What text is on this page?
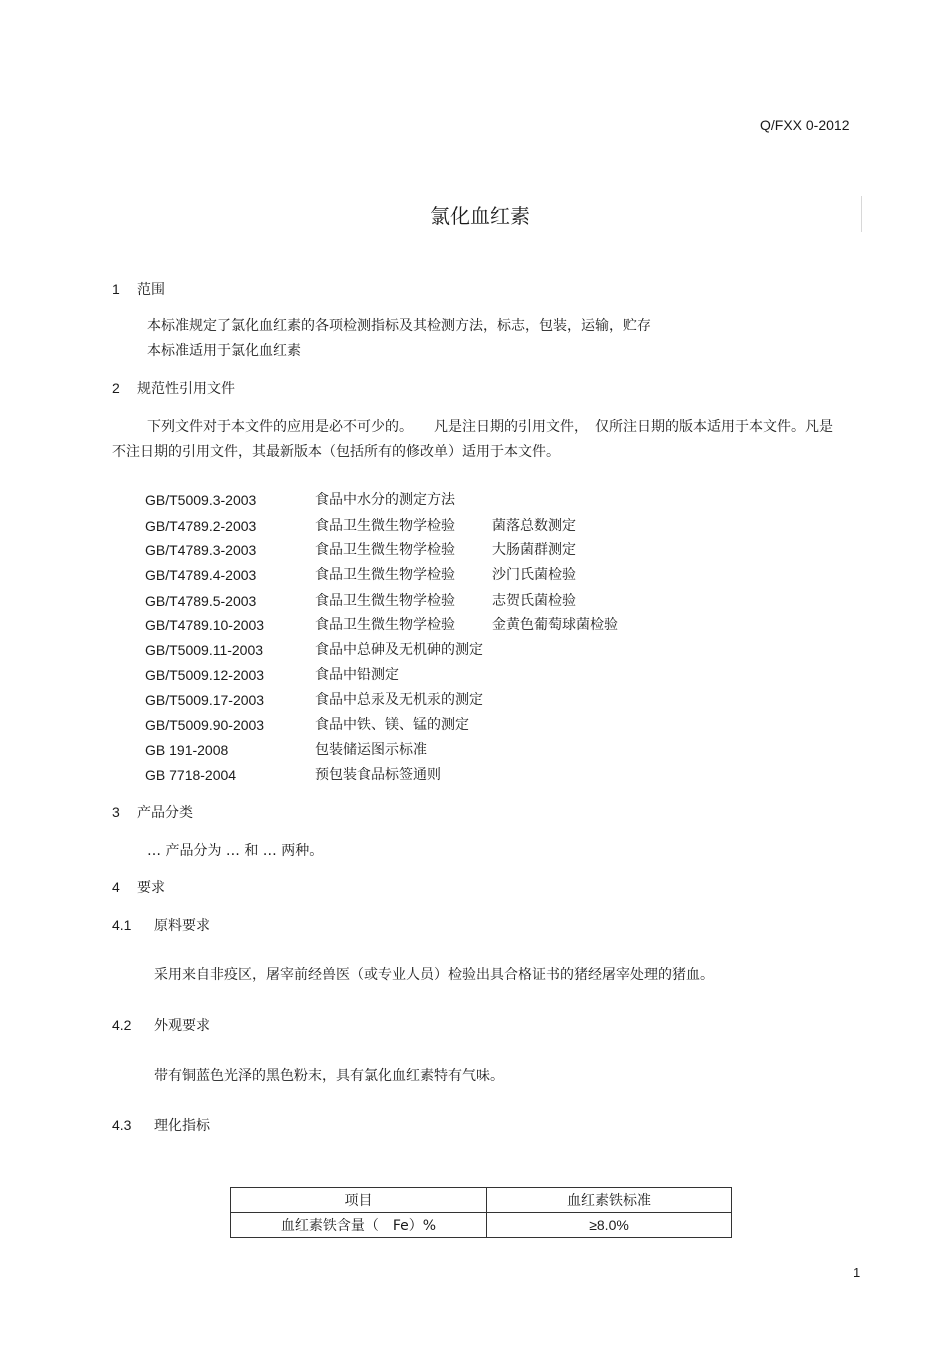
Q/FXX 0-2012
氯化血红素
1 范围
本标准规定了氯化血红素的各项检测指标及其检测方法，标志，包装，运输，贮存
本标准适用于氯化血红素
2 规范性引用文件
下列文件对于本文件的应用是必不可少的。　　凡是注日期的引用文件，　仅所注日期的版本适用于本文件。凡是不注日期的引用文件，其最新版本（包括所有的修改单）适用于本文件。
GB/T5009.3-2003	食品中水分的测定方法
GB/T4789.2-2003	食品卫生微生物学检验	菌落总数测定
GB/T4789.3-2003	食品卫生微生物学检验	大肠菌群测定
GB/T4789.4-2003	食品卫生微生物学检验	沙门氏菌检验
GB/T4789.5-2003	食品卫生微生物学检验	志贺氏菌检验
GB/T4789.10-2003	食品卫生微生物学检验	金黄色葡萄球菌检验
GB/T5009.11-2003	食品中总砷及无机砷的测定
GB/T5009.12-2003	食品中铅测定
GB/T5009.17-2003	食品中总汞及无机汞的测定
GB/T5009.90-2003	食品中铁、镁、锰的测定
GB 191-2008	包装储运图示标准
GB 7718-2004	预包装食品标签通则
3 产品分类
… 产品分为 … 和 … 两种。
4 要求
4.1 原料要求
采用来自非疫区，屠宰前经兽医（或专业人员）检验出具合格证书的猪经屠宰处理的猪血。
4.2 外观要求
带有铜蓝色光泽的黑色粉末，具有氯化血红素特有气味。
4.3 理化指标
项目	血红素铁标准
血红素铁含量（　Fe）%	≥8.0%
1
